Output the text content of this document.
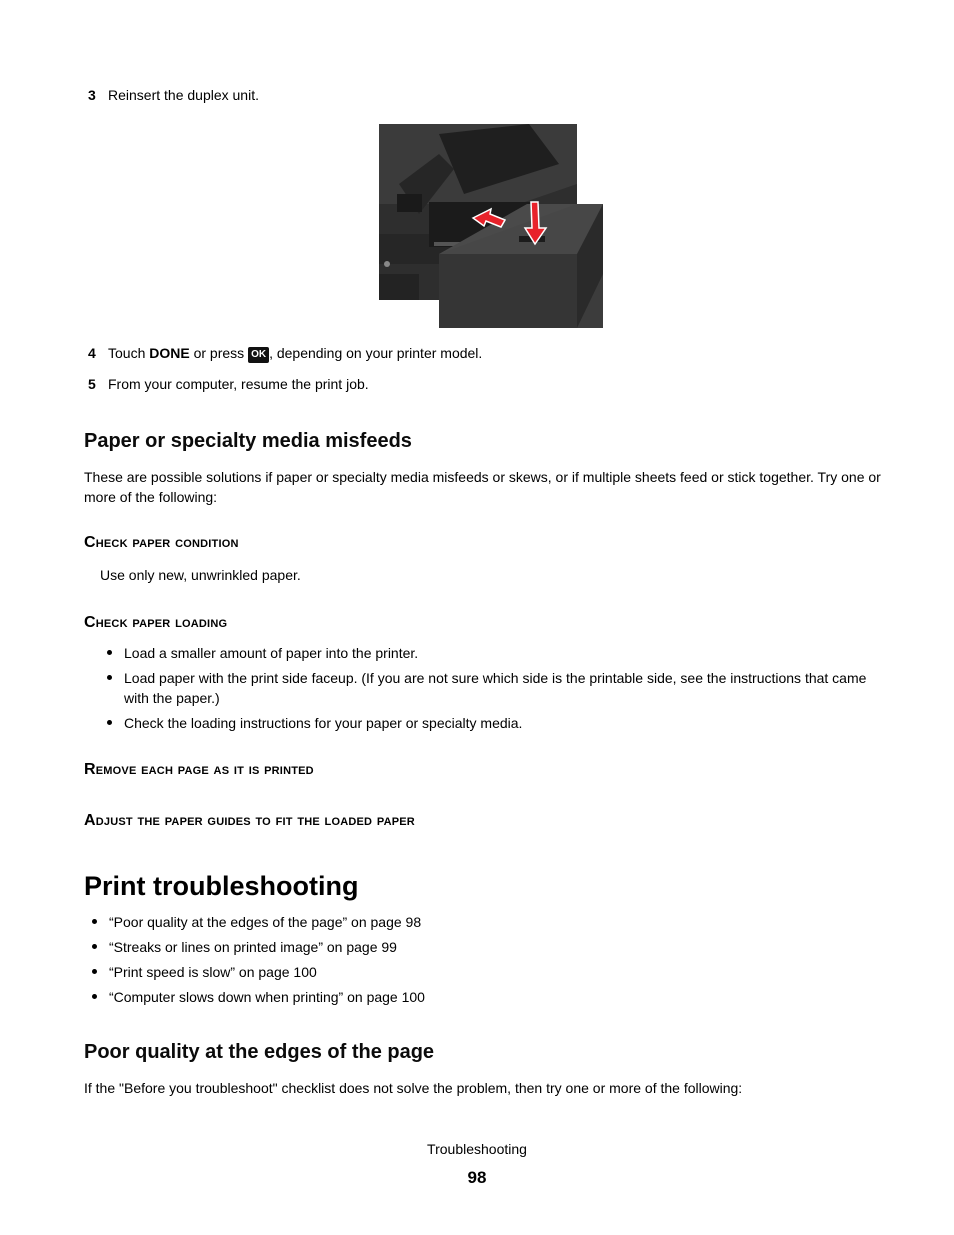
3 Reinsert the duplex unit.
4 Touch DONE or press OK , depending on your printer model.
5 From your computer, resume the print job.
Paper or specialty media misfeeds
These are possible solutions if paper or specialty media misfeeds or skews, or if multiple sheets feed or stick together. Try one or more of the following:
Check paper condition
Use only new, unwrinkled paper.
Check paper loading
Load a smaller amount of paper into the printer.
Load paper with the print side faceup. (If you are not sure which side is the printable side, see the instructions that came with the paper.)
Check the loading instructions for your paper or specialty media.
Remove each page as it is printed
Adjust the paper guides to fit the loaded paper
Print troubleshooting
“Poor quality at the edges of the page” on page 98
“Streaks or lines on printed image” on page 99
“Print speed is slow” on page 100
“Computer slows down when printing” on page 100
Poor quality at the edges of the page
If the "Before you troubleshoot" checklist does not solve the problem, then try one or more of the following:
Troubleshooting
98
